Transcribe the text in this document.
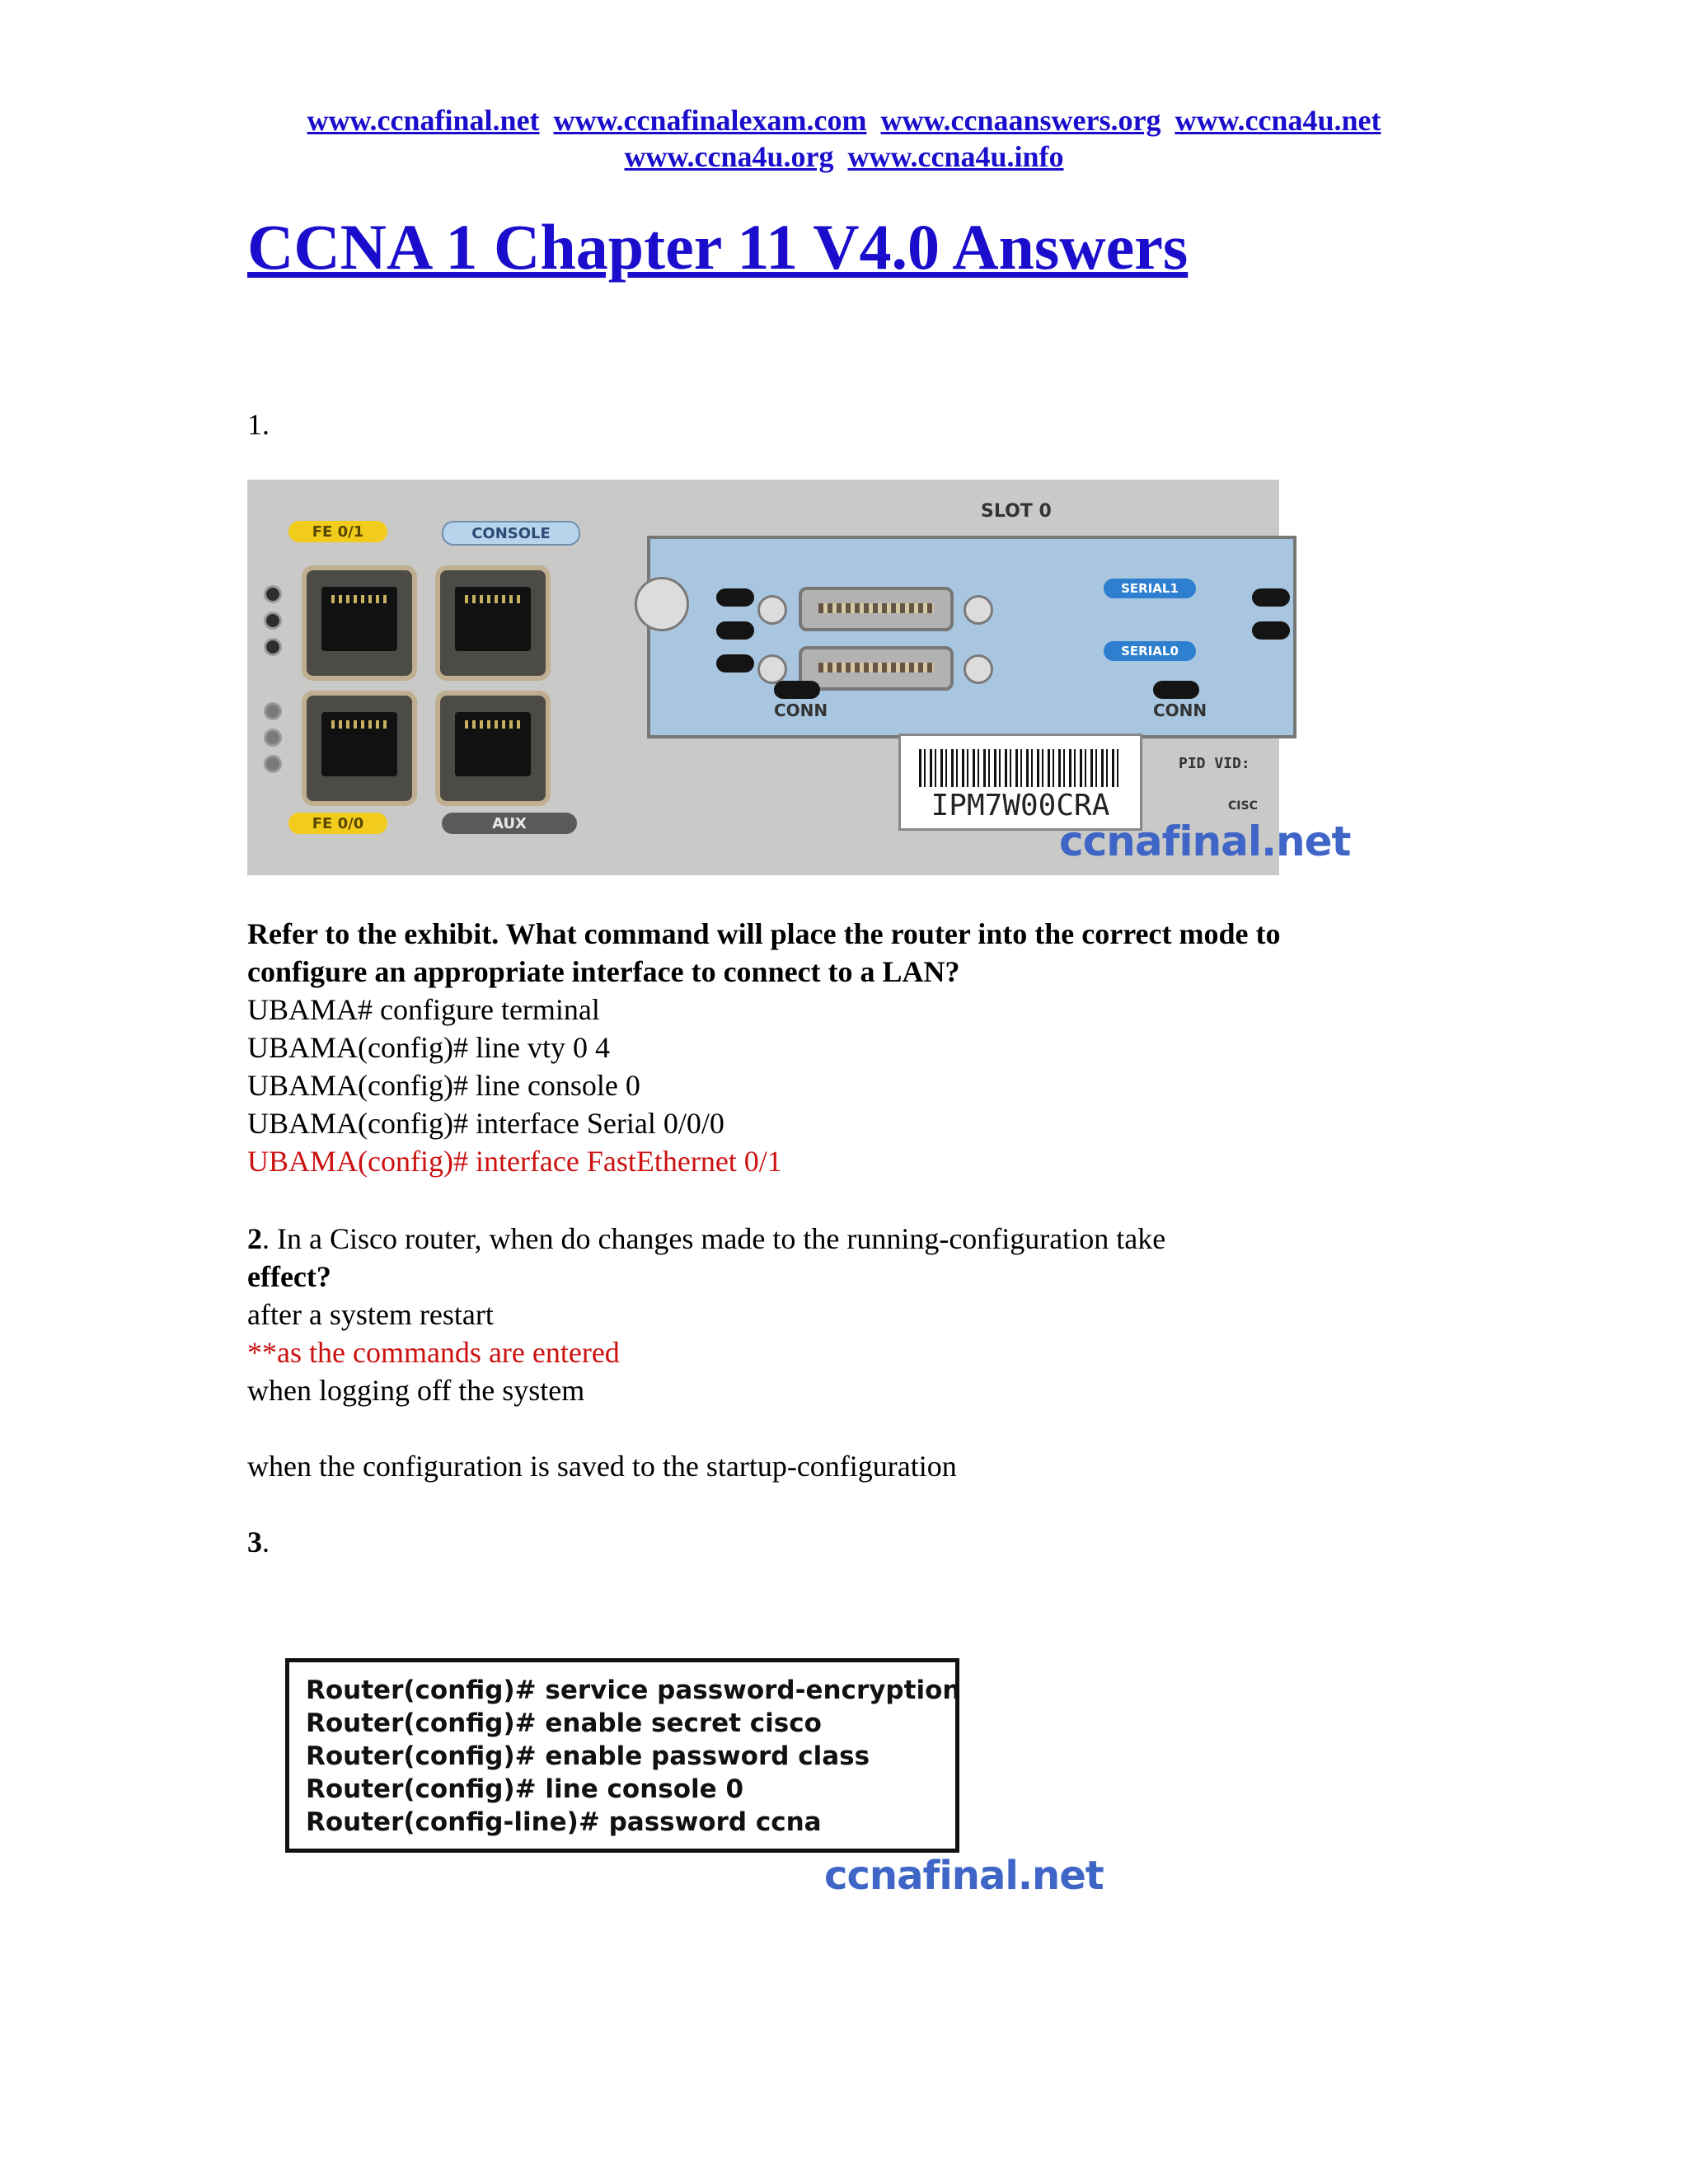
www.ccnafinal.net www.ccnafinalexam.com www.ccnaanswers.org www.ccna4u.net
www.ccna4u.org www.ccna4u.info
CCNA 1 Chapter 11 V4.0 Answers
1.
FE 0/1	CONSOLE
FE 0/0	AUX
SLOT 0
SERIAL1
SERIAL0
CONN	CONN
IPM7W00CRA
PID VID:
CISC
ccnafinal.net
Refer to the exhibit. What command will place the router into the correct mode to
configure an appropriate interface to connect to a LAN?
UBAMA# configure terminal
UBAMA(config)# line vty 0 4
UBAMA(config)# line console 0
UBAMA(config)# interface Serial 0/0/0
UBAMA(config)# interface FastEthernet 0/1
2. In a Cisco router, when do changes made to the running-configuration take
effect?
after a system restart
**as the commands are entered
when logging off the system
when the configuration is saved to the startup-configuration
3.
Router(config)# service password-encryption
Router(config)# enable secret cisco
Router(config)# enable password class
Router(config)# line console 0
Router(config-line)# password ccna
ccnafinal.net
